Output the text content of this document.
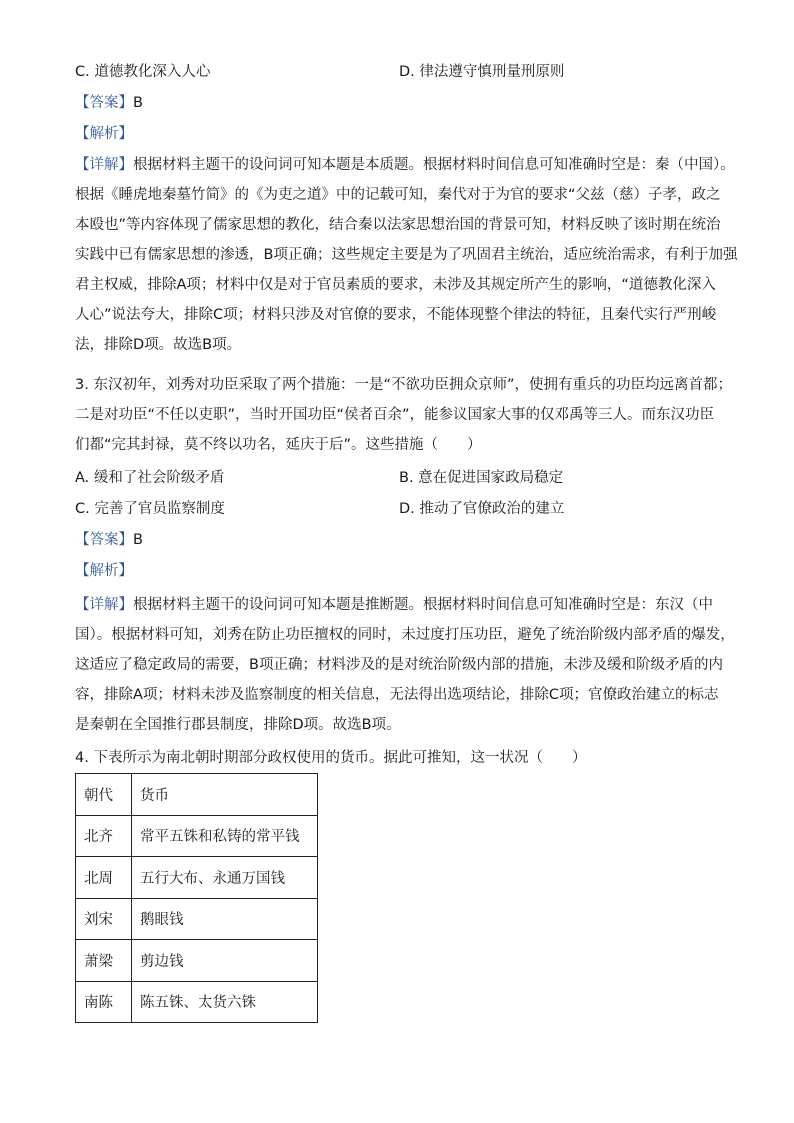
C. 道德教化深入人心	D. 律法遵守慎刑量刑原则
【答案】B
【解析】
【详解】根据材料主题干的设问词可知本题是本质题。根据材料时间信息可知准确时空是：秦（中国）。
根据《睡虎地秦墓竹简》的《为吏之道》中的记载可知，秦代对于为官的要求“父兹（慈）子孝，政之
本殴也”等内容体现了儒家思想的教化，结合秦以法家思想治国的背景可知，材料反映了该时期在统治
实践中已有儒家思想的渗透，B项正确；这些规定主要是为了巩固君主统治，适应统治需求，有利于加强
君主权威，排除A项；材料中仅是对于官员素质的要求，未涉及其规定所产生的影响，“道德教化深入
人心”说法夸大，排除C项；材料只涉及对官僚的要求，不能体现整个律法的特征，且秦代实行严刑峻
法，排除D项。故选B项。
3. 东汉初年，刘秀对功臣采取了两个措施：一是“不欲功臣拥众京师”，使拥有重兵的功臣均远离首都；
二是对功臣“不任以吏职”，当时开国功臣“侯者百余”，能参议国家大事的仅邓禹等三人。而东汉功臣
们都“完其封禄，莫不终以功名，延庆于后”。这些措施（　　）
A. 缓和了社会阶级矛盾	B. 意在促进国家政局稳定
C. 完善了官员监察制度	D. 推动了官僚政治的建立
【答案】B
【解析】
【详解】根据材料主题干的设问词可知本题是推断题。根据材料时间信息可知准确时空是：东汉（中
国）。根据材料可知，刘秀在防止功臣擅权的同时，未过度打压功臣，避免了统治阶级内部矛盾的爆发，
这适应了稳定政局的需要，B项正确；材料涉及的是对统治阶级内部的措施，未涉及缓和阶级矛盾的内
容，排除A项；材料未涉及监察制度的相关信息，无法得出选项结论，排除C项；官僚政治建立的标志
是秦朝在全国推行郡县制度，排除D项。故选B项。
4. 下表所示为南北朝时期部分政权使用的货币。据此可推知，这一状况（　　）
朝代	货币
北齐	常平五铢和私铸的常平钱
北周	五行大布、永通万国钱
刘宋	鹅眼钱
萧梁	剪边钱
南陈	陈五铢、太货六铢
